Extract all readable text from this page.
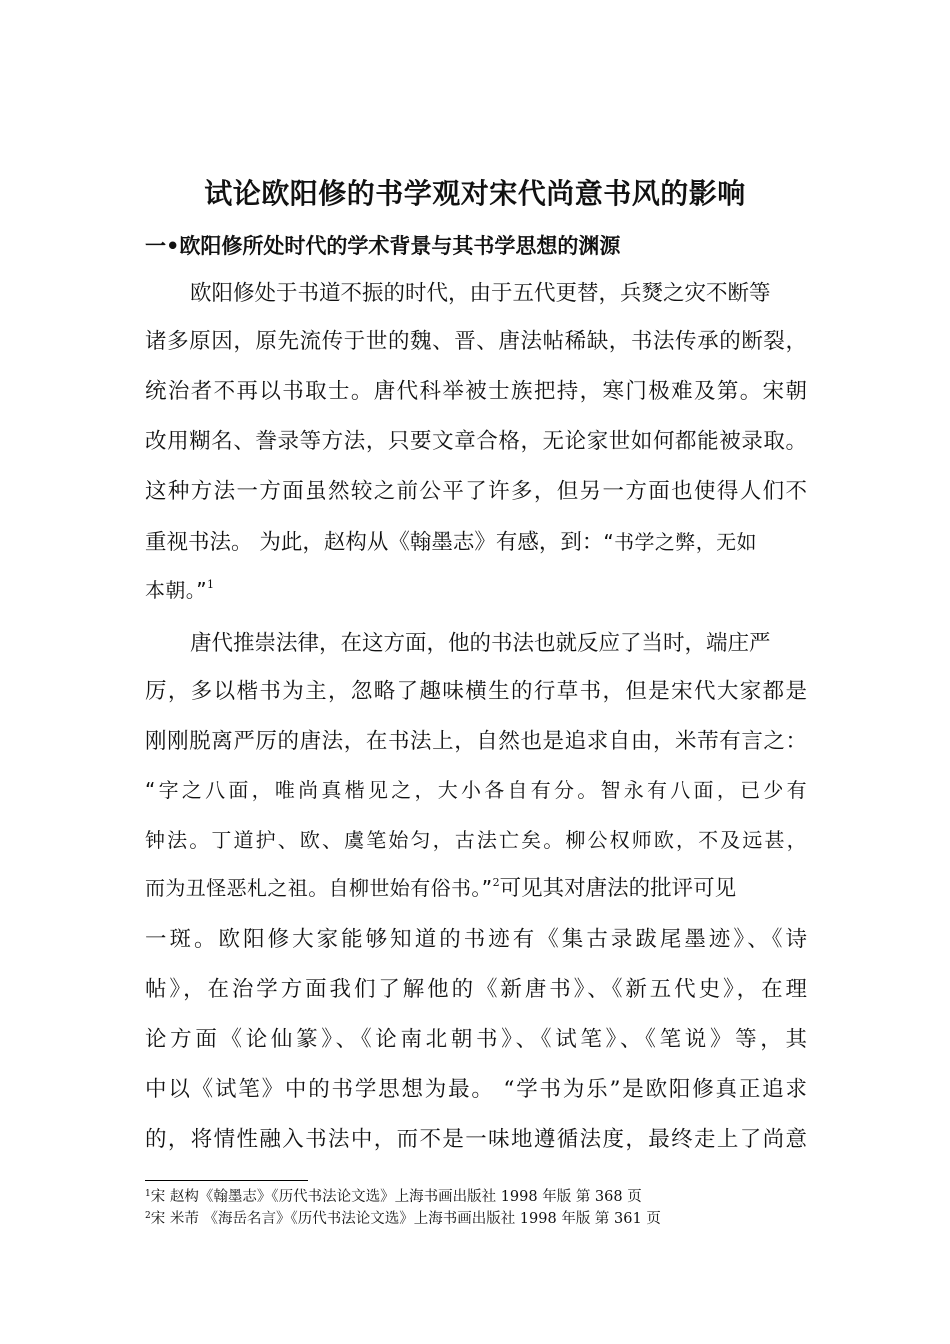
试论欧阳修的书学观对宋代尚意书风的影响
一•欧阳修所处时代的学术背景与其书学思想的渊源
欧阳修处于书道不振的时代，由于五代更替，兵燹之灾不断等
诸多原因，原先流传于世的魏、晋、唐法帖稀缺，书法传承的断裂，
统治者不再以书取士。唐代科举被士族把持，寒门极难及第。宋朝
改用糊名、誊录等方法，只要文章合格，无论家世如何都能被录取。
这种方法一方面虽然较之前公平了许多，但另一方面也使得人们不
重视书法。 为此，赵构从《翰墨志》有感，到：“书学之弊，无如
本朝。”$^1$
唐代推崇法律，在这方面，他的书法也就反应了当时，端庄严
厉，多以楷书为主，忽略了趣味横生的行草书，但是宋代大家都是
刚刚脱离严厉的唐法，在书法上，自然也是追求自由，米芾有言之：
“字之八面，唯尚真楷见之，大小各自有分。智永有八面，已少有
钟法。丁道护、欧、虞笔始匀，古法亡矣。柳公权师欧，不及远甚，
而为丑怪恶札之祖。自柳世始有俗书。”$^2$可见其对唐法的批评可见
一斑。欧阳修大家能够知道的书迹有《集古录跋尾墨迹》、《诗
帖》，在治学方面我们了解他的《新唐书》、《新五代史》，在理
论方面《论仙篆》、《论南北朝书》、《试笔》、《笔说》等，其
中以《试笔》中的书学思想为最。 “学书为乐”是欧阳修真正追求
的，将情性融入书法中，而不是一味地遵循法度，最终走上了尚意
$^1$宋 赵构《翰墨志》《历代书法论文选》上海书画出版社 1998 年版 第 368 页
$^2$宋 米芾 《海岳名言》《历代书法论文选》上海书画出版社 1998 年版 第 361 页
